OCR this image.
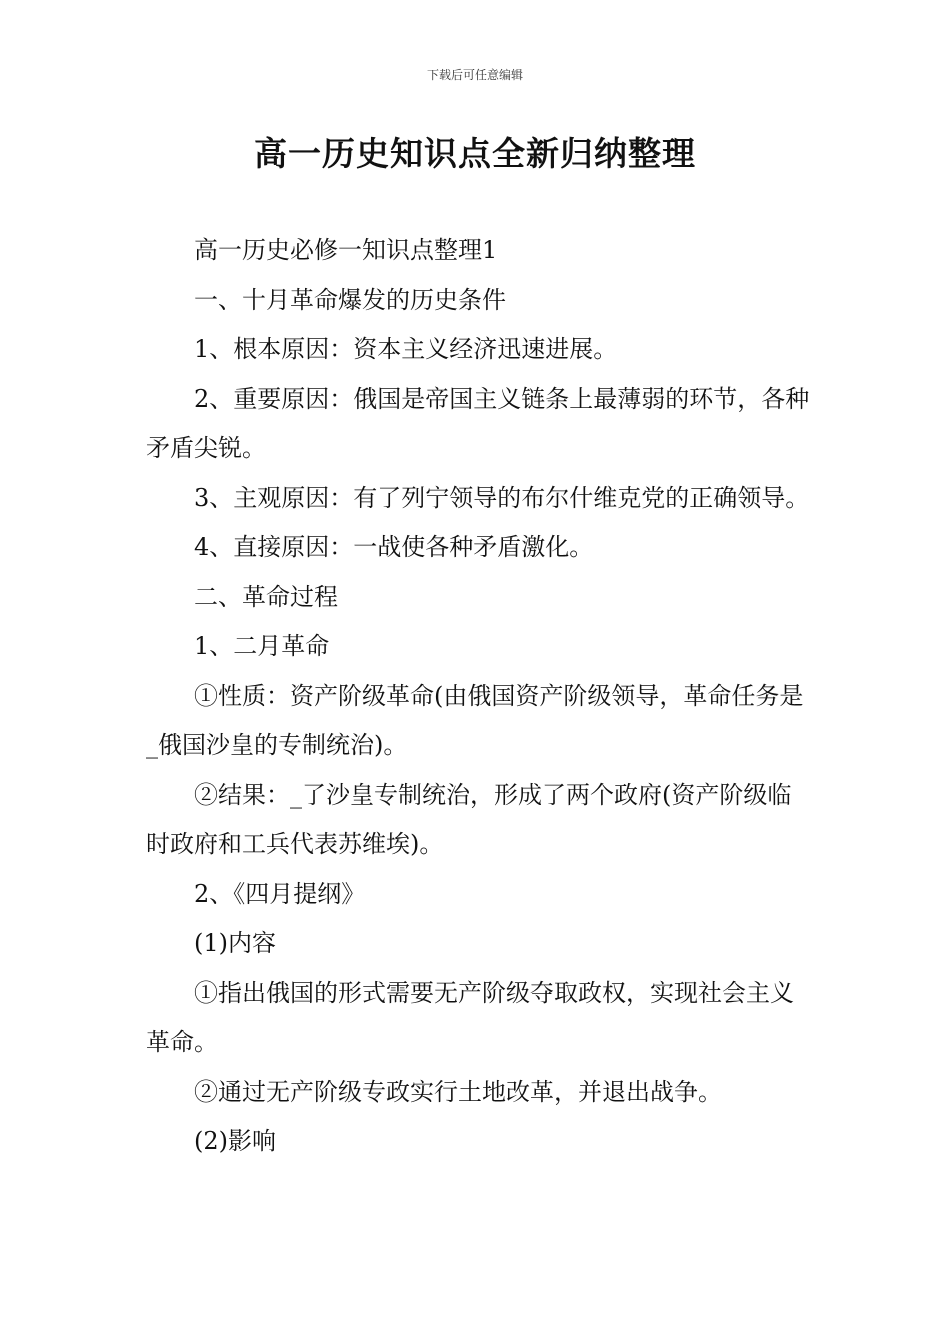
下载后可任意编辑
高一历史知识点全新归纳整理

高一历史必修一知识点整理1

一、十月革命爆发的历史条件

1、根本原因：资本主义经济迅速进展。

2、重要原因：俄国是帝国主义链条上最薄弱的环节，各种矛盾尖锐。

3、主观原因：有了列宁领导的布尔什维克党的正确领导。

4、直接原因：一战使各种矛盾激化。

二、革命过程

1、二月革命

①性质：资产阶级革命(由俄国资产阶级领导，革命任务是_俄国沙皇的专制统治)。

②结果：_了沙皇专制统治，形成了两个政府(资产阶级临时政府和工兵代表苏维埃)。

2、《四月提纲》

(1)内容

①指出俄国的形式需要无产阶级夺取政权，实现社会主义革命。

②通过无产阶级专政实行土地改革，并退出战争。

(2)影响
